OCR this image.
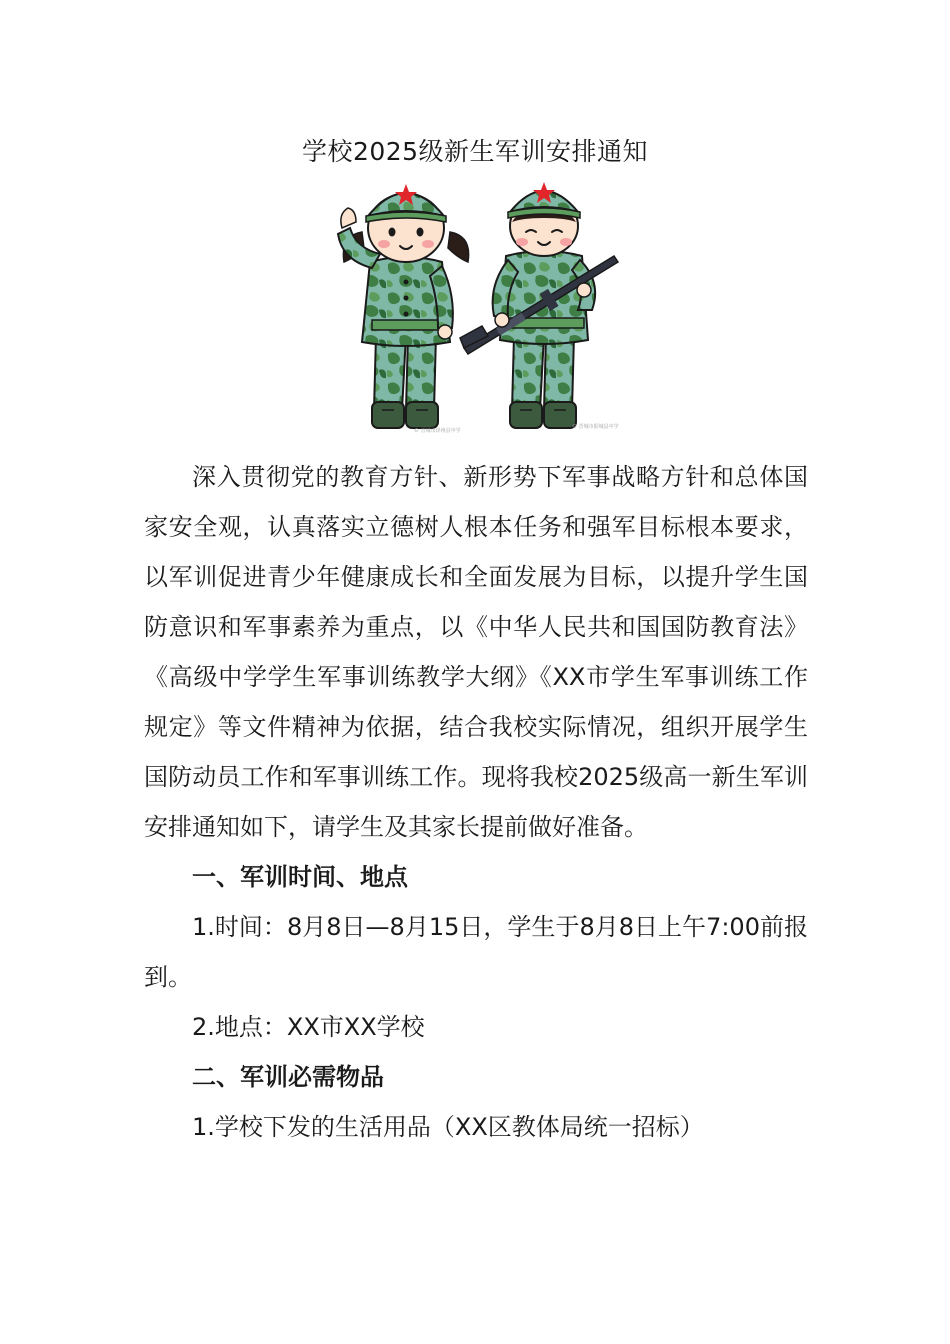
学校2025级新生军训安排通知
© 晋城市泽州县中学
© 晋城市阳城县中学

深入贯彻党的教育方针、新形势下军事战略方针和总体国家安全观，认真落实立德树人根本任务和强军目标根本要求，以军训促进青少年健康成长和全面发展为目标，以提升学生国防意识和军事素养为重点，以《中华人民共和国国防教育法》《高级中学学生军事训练教学大纲》《XX市学生军事训练工作规定》等文件精神为依据，结合我校实际情况，组织开展学生国防动员工作和军事训练工作。现将我校2025级高一新生军训安排通知如下，请学生及其家长提前做好准备。

一、军训时间、地点

1.时间：8月8日—8月15日，学生于8月8日上午7:00前报到。

2.地点：XX市XX学校

二、军训必需物品

1.学校下发的生活用品（XX区教体局统一招标）
